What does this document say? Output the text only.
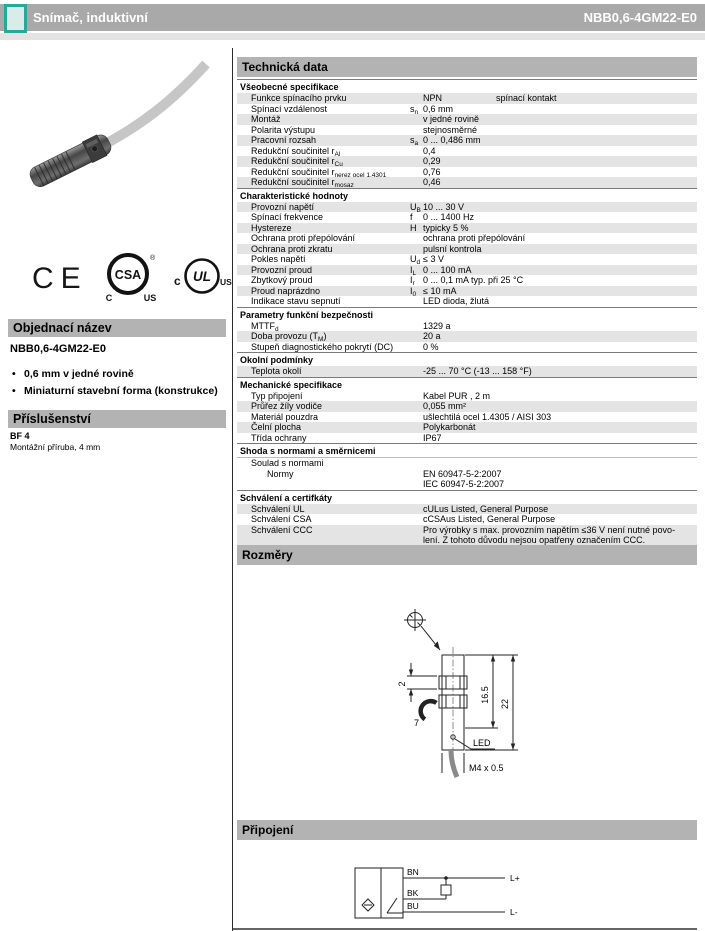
Snímač, induktivní	NBB0,6-4GM22-E0
CE CSA
®
C	US
c UL US
Objednací název
NBB0,6-4GM22-E0
• 0,6 mm v jedné rovině
• Miniaturní stavební forma (konstrukce)
Příslušenství
BF 4
Montážní příruba, 4 mm
Technická data
Všeobecné specifikace
Funkce spínacího prvku	NPN	spínací kontakt
Spínací vzdálenost	$s_n$ 0,6 mm
Montáž	v jedné rovině
Polarita výstupu	stejnosměrné
Pracovní rozsah	$s_a$ 0 ... 0,486 mm
Redukční součinitel $r_{Al}$	0,4
Redukční součinitel $r_{Cu}$	0,29
Redukční součinitel $r_{nerez ocel 1.4301}$	0,76
Redukční součinitel $r_{mosaz}$	0,46
Charakteristické hodnoty
Provozní napětí	$U_B$ 10 ... 30 V
Spínací frekvence	f	0 ... 1400 Hz
Hystereze	H typicky 5 %
Ochrana proti přepólování	ochrana proti přepólování
Ochrana proti zkratu	pulsní kontrola
Pokles napětí	$U_d \le 3$ V
Provozní proud	$I_L$ 0 ... 100 mA
Zbytkový proud	$I_r$ 0 ... 0,1 mA typ. při 25 °C
Proud naprázdno	$I_0 \le 10$ mA
Indikace stavu sepnutí	LED dioda, žlutá
Parametry funkční bezpečnosti
$MTTF_d$	1329 a
Doba provozu $(T_M)$	20 a
Stupeň diagnostického pokrytí (DC)	0 %
Okolní podmínky
Teplota okolí	-25 ... 70 °C (-13 ... 158 °F)
Mechanické specifikace
Typ připojení	Kabel PUR , 2 m
Průřez žíly vodiče	0,055 mm²
Materiál pouzdra	ušlechtilá ocel 1.4305 / AISI 303
Čelní plocha	Polykarbonát
Třída ochrany	IP67
Shoda s normami a směrnicemi
Soulad s normami
Normy	EN 60947-5-2:2007
IEC 60947-5-2:2007
Schválení a certifkáty
Schválení UL	cULus Listed, General Purpose
Schválení CSA	cCSAus Listed, General Purpose
Schválení CCC	Pro výrobky s max. provozním napětím ≤36 V není nutné povo-
lení. Z tohoto důvodu nejsou opatřeny označením CCC.
Rozměry
2
7
16.5
22
LED
M4 x 0.5
Připojení
BN
BK
BU
L+
L-
